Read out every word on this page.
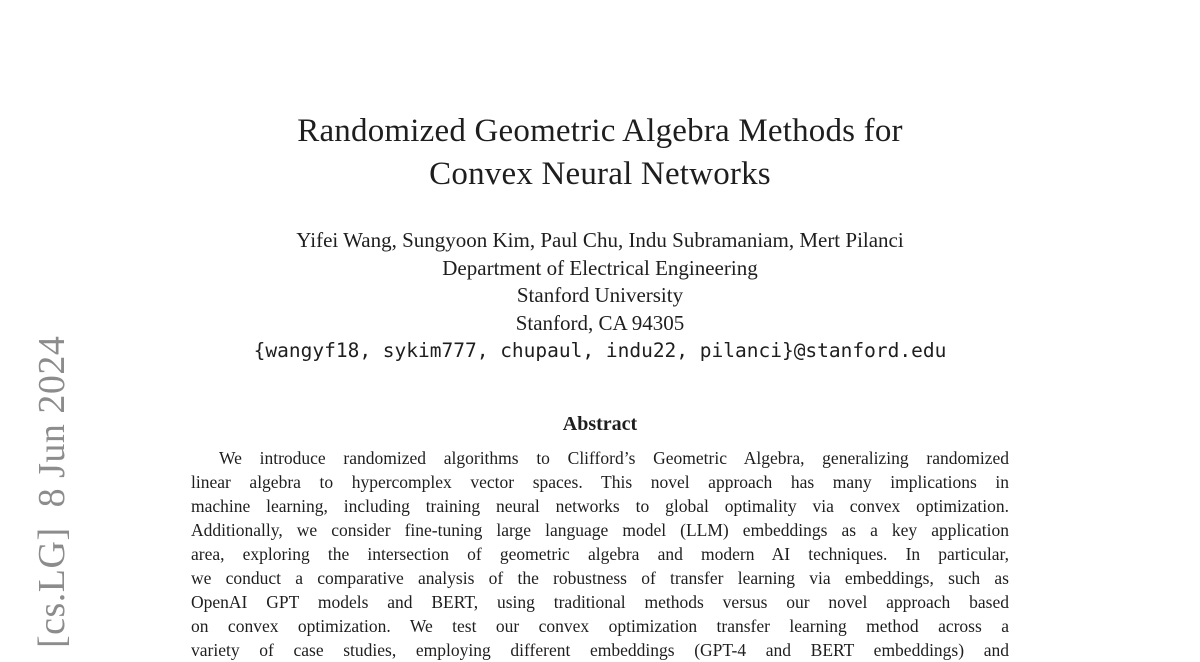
[cs.LG]  8 Jun 2024
Randomized Geometric Algebra Methods for
Convex Neural Networks
Yifei Wang, Sungyoon Kim, Paul Chu, Indu Subramaniam, Mert Pilanci
Department of Electrical Engineering
Stanford University
Stanford, CA 94305
{wangyf18, sykim777, chupaul, indu22, pilanci}@stanford.edu
Abstract
We introduce randomized algorithms to Clifford’s Geometric Algebra, generalizing randomized
linear algebra to hypercomplex vector spaces. This novel approach has many implications in
machine learning, including training neural networks to global optimality via convex optimization.
Additionally, we consider fine-tuning large language model (LLM) embeddings as a key application
area, exploring the intersection of geometric algebra and modern AI techniques. In particular,
we conduct a comparative analysis of the robustness of transfer learning via embeddings, such as
OpenAI GPT models and BERT, using traditional methods versus our novel approach based
on convex optimization. We test our convex optimization transfer learning method across a
variety of case studies, employing different embeddings (GPT-4 and BERT embeddings) and
